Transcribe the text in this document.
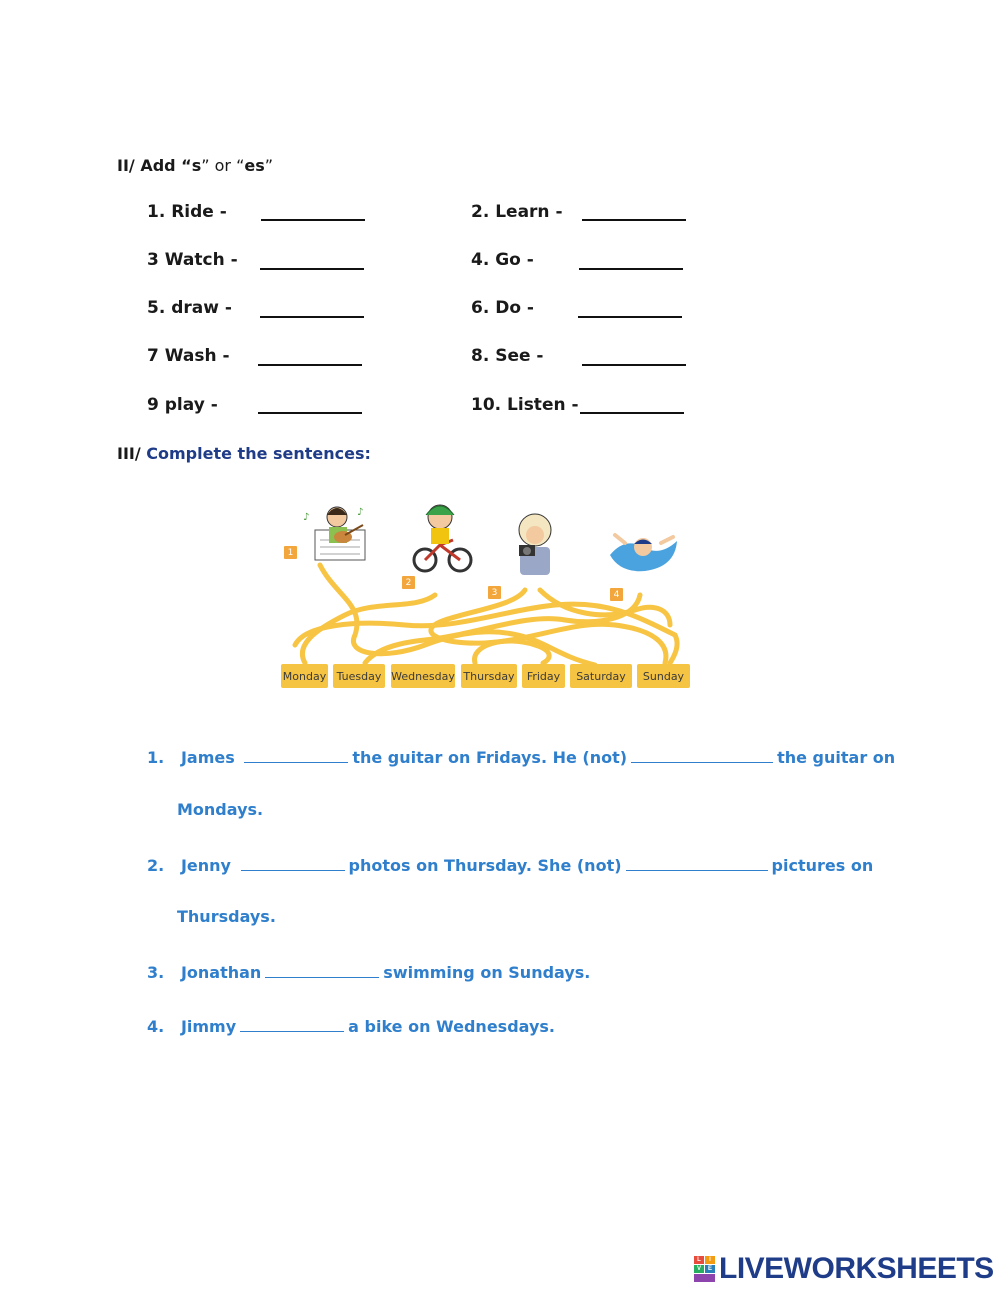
II/ Add “s” or “es”
1. Ride -	2. Learn -
3 Watch -	4. Go -
5. draw -	6. Do -
7 Wash -	8. See -
9 play -	10. Listen -
III/ Complete the sentences:
♪	♪
1
2
3	4
Monday Tuesday Wednesday Thursday	Friday	Saturday	Sunday
1. James	the guitar on Fridays. He (not)	the guitar on
Mondays.
2. Jenny	photos on Thursday. She (not)	pictures on
Thursdays.
3. Jonathan	swimming on Sundays.
4. Jimmy	a bike on Wednesdays.
L	I
V	E LIVEWORKSHEETS
